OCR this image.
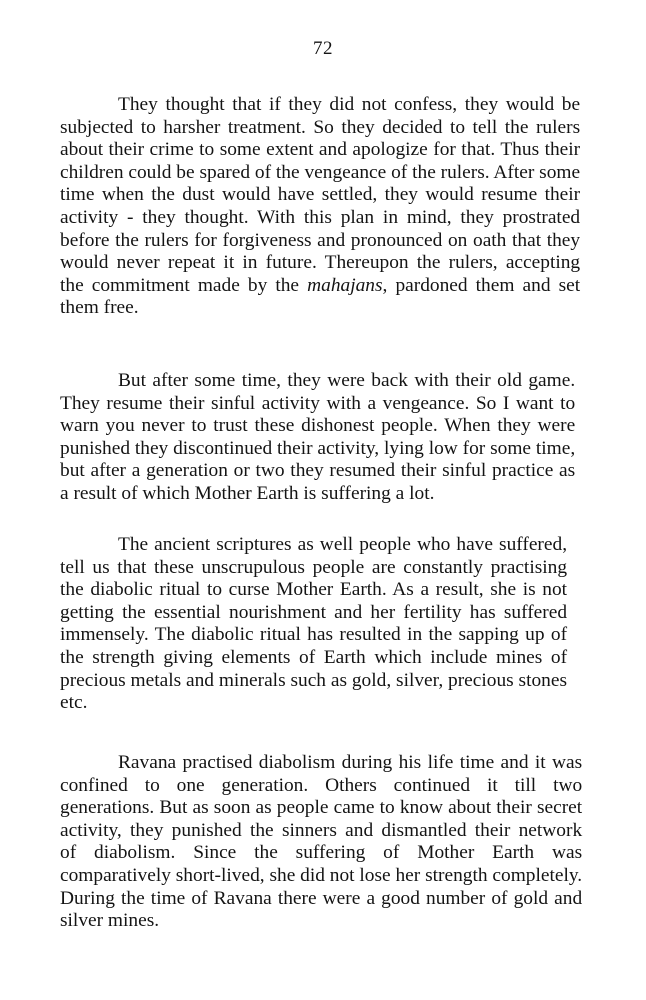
72

They thought that if they did not confess, they would be
subjected to harsher treatment. So they decided to tell the rulers
about their crime to some extent and apologize for that. Thus their
children could be spared of the vengeance of the rulers. After some
time when the dust would have settled, they would resume their
activity - they thought. With this plan in mind, they prostrated
before the rulers for forgiveness and pronounced on oath that they
would never repeat it in future. Thereupon the rulers, accepting
the commitment made by the mahajans, pardoned them and set
them free.

But after some time, they were back with their old game.
They resume their sinful activity with a vengeance. So I want to
warn you never to trust these dishonest people. When they were
punished they discontinued their activity, lying low for some time,
but after a generation or two they resumed their sinful practice as
a result of which Mother Earth is suffering a lot.

The ancient scriptures as well people who have suffered,
tell us that these unscrupulous people are constantly practising
the diabolic ritual to curse Mother Earth. As a result, she is not
getting the essential nourishment and her fertility has suffered
immensely. The diabolic ritual has resulted in the sapping up of
the strength giving elements of Earth which include mines of
precious metals and minerals such as gold, silver, precious stones
etc.

Ravana practised diabolism during his life time and it was
confined to one generation. Others continued it till two
generations. But as soon as people came to know about their secret
activity, they punished the sinners and dismantled their network
of diabolism. Since the suffering of Mother Earth was
comparatively short-lived, she did not lose her strength completely.
During the time of Ravana there were a good number of gold and
silver mines.
